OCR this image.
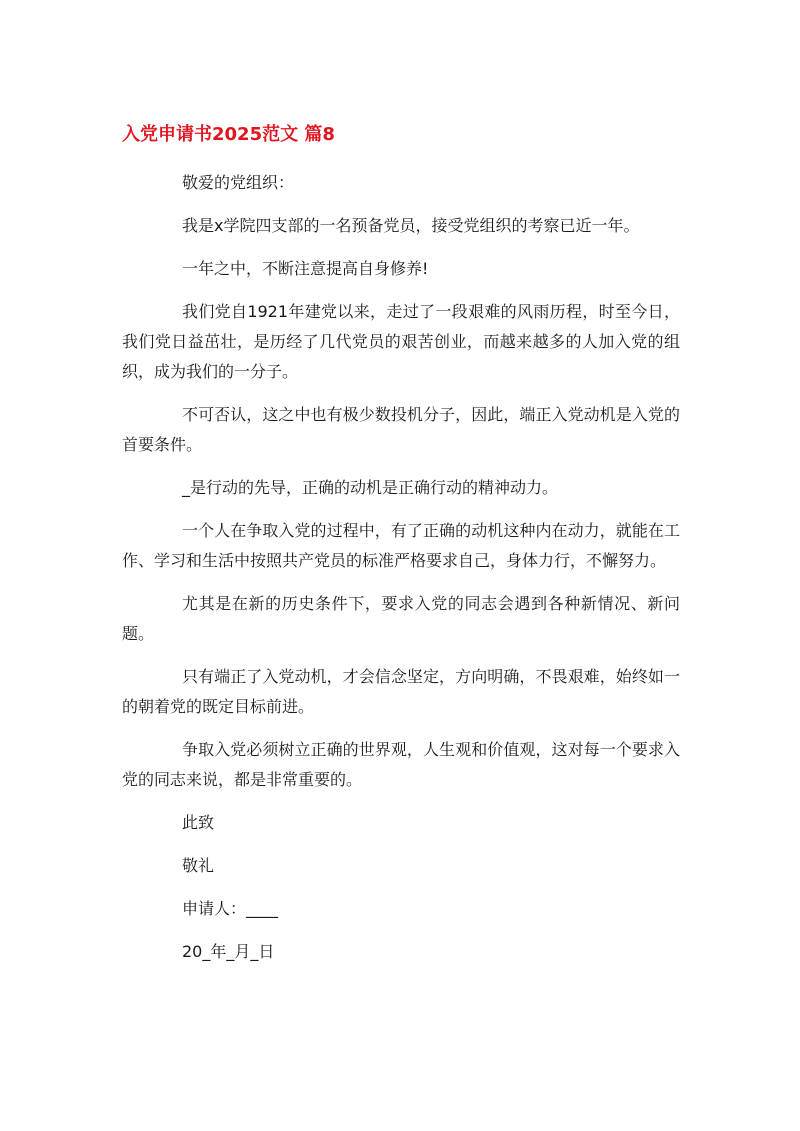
入党申请书2025范文 篇8

敬爱的党组织：

我是x学院四支部的一名预备党员，接受党组织的考察已近一年。

一年之中，不断注意提高自身修养!

我们党自1921年建党以来，走过了一段艰难的风雨历程，时至今日，我们党日益茁壮，是历经了几代党员的艰苦创业，而越来越多的人加入党的组织，成为我们的一分子。

不可否认，这之中也有极少数投机分子，因此，端正入党动机是入党的首要条件。

_是行动的先导，正确的动机是正确行动的精神动力。

一个人在争取入党的过程中，有了正确的动机这种内在动力，就能在工作、学习和生活中按照共产党员的标准严格要求自己，身体力行，不懈努力。

尤其是在新的历史条件下，要求入党的同志会遇到各种新情况、新问题。

只有端正了入党动机，才会信念坚定，方向明确，不畏艰难，始终如一的朝着党的既定目标前进。

争取入党必须树立正确的世界观，人生观和价值观，这对每一个要求入党的同志来说，都是非常重要的。

此致

敬礼

申请人：____

20_年_月_日
